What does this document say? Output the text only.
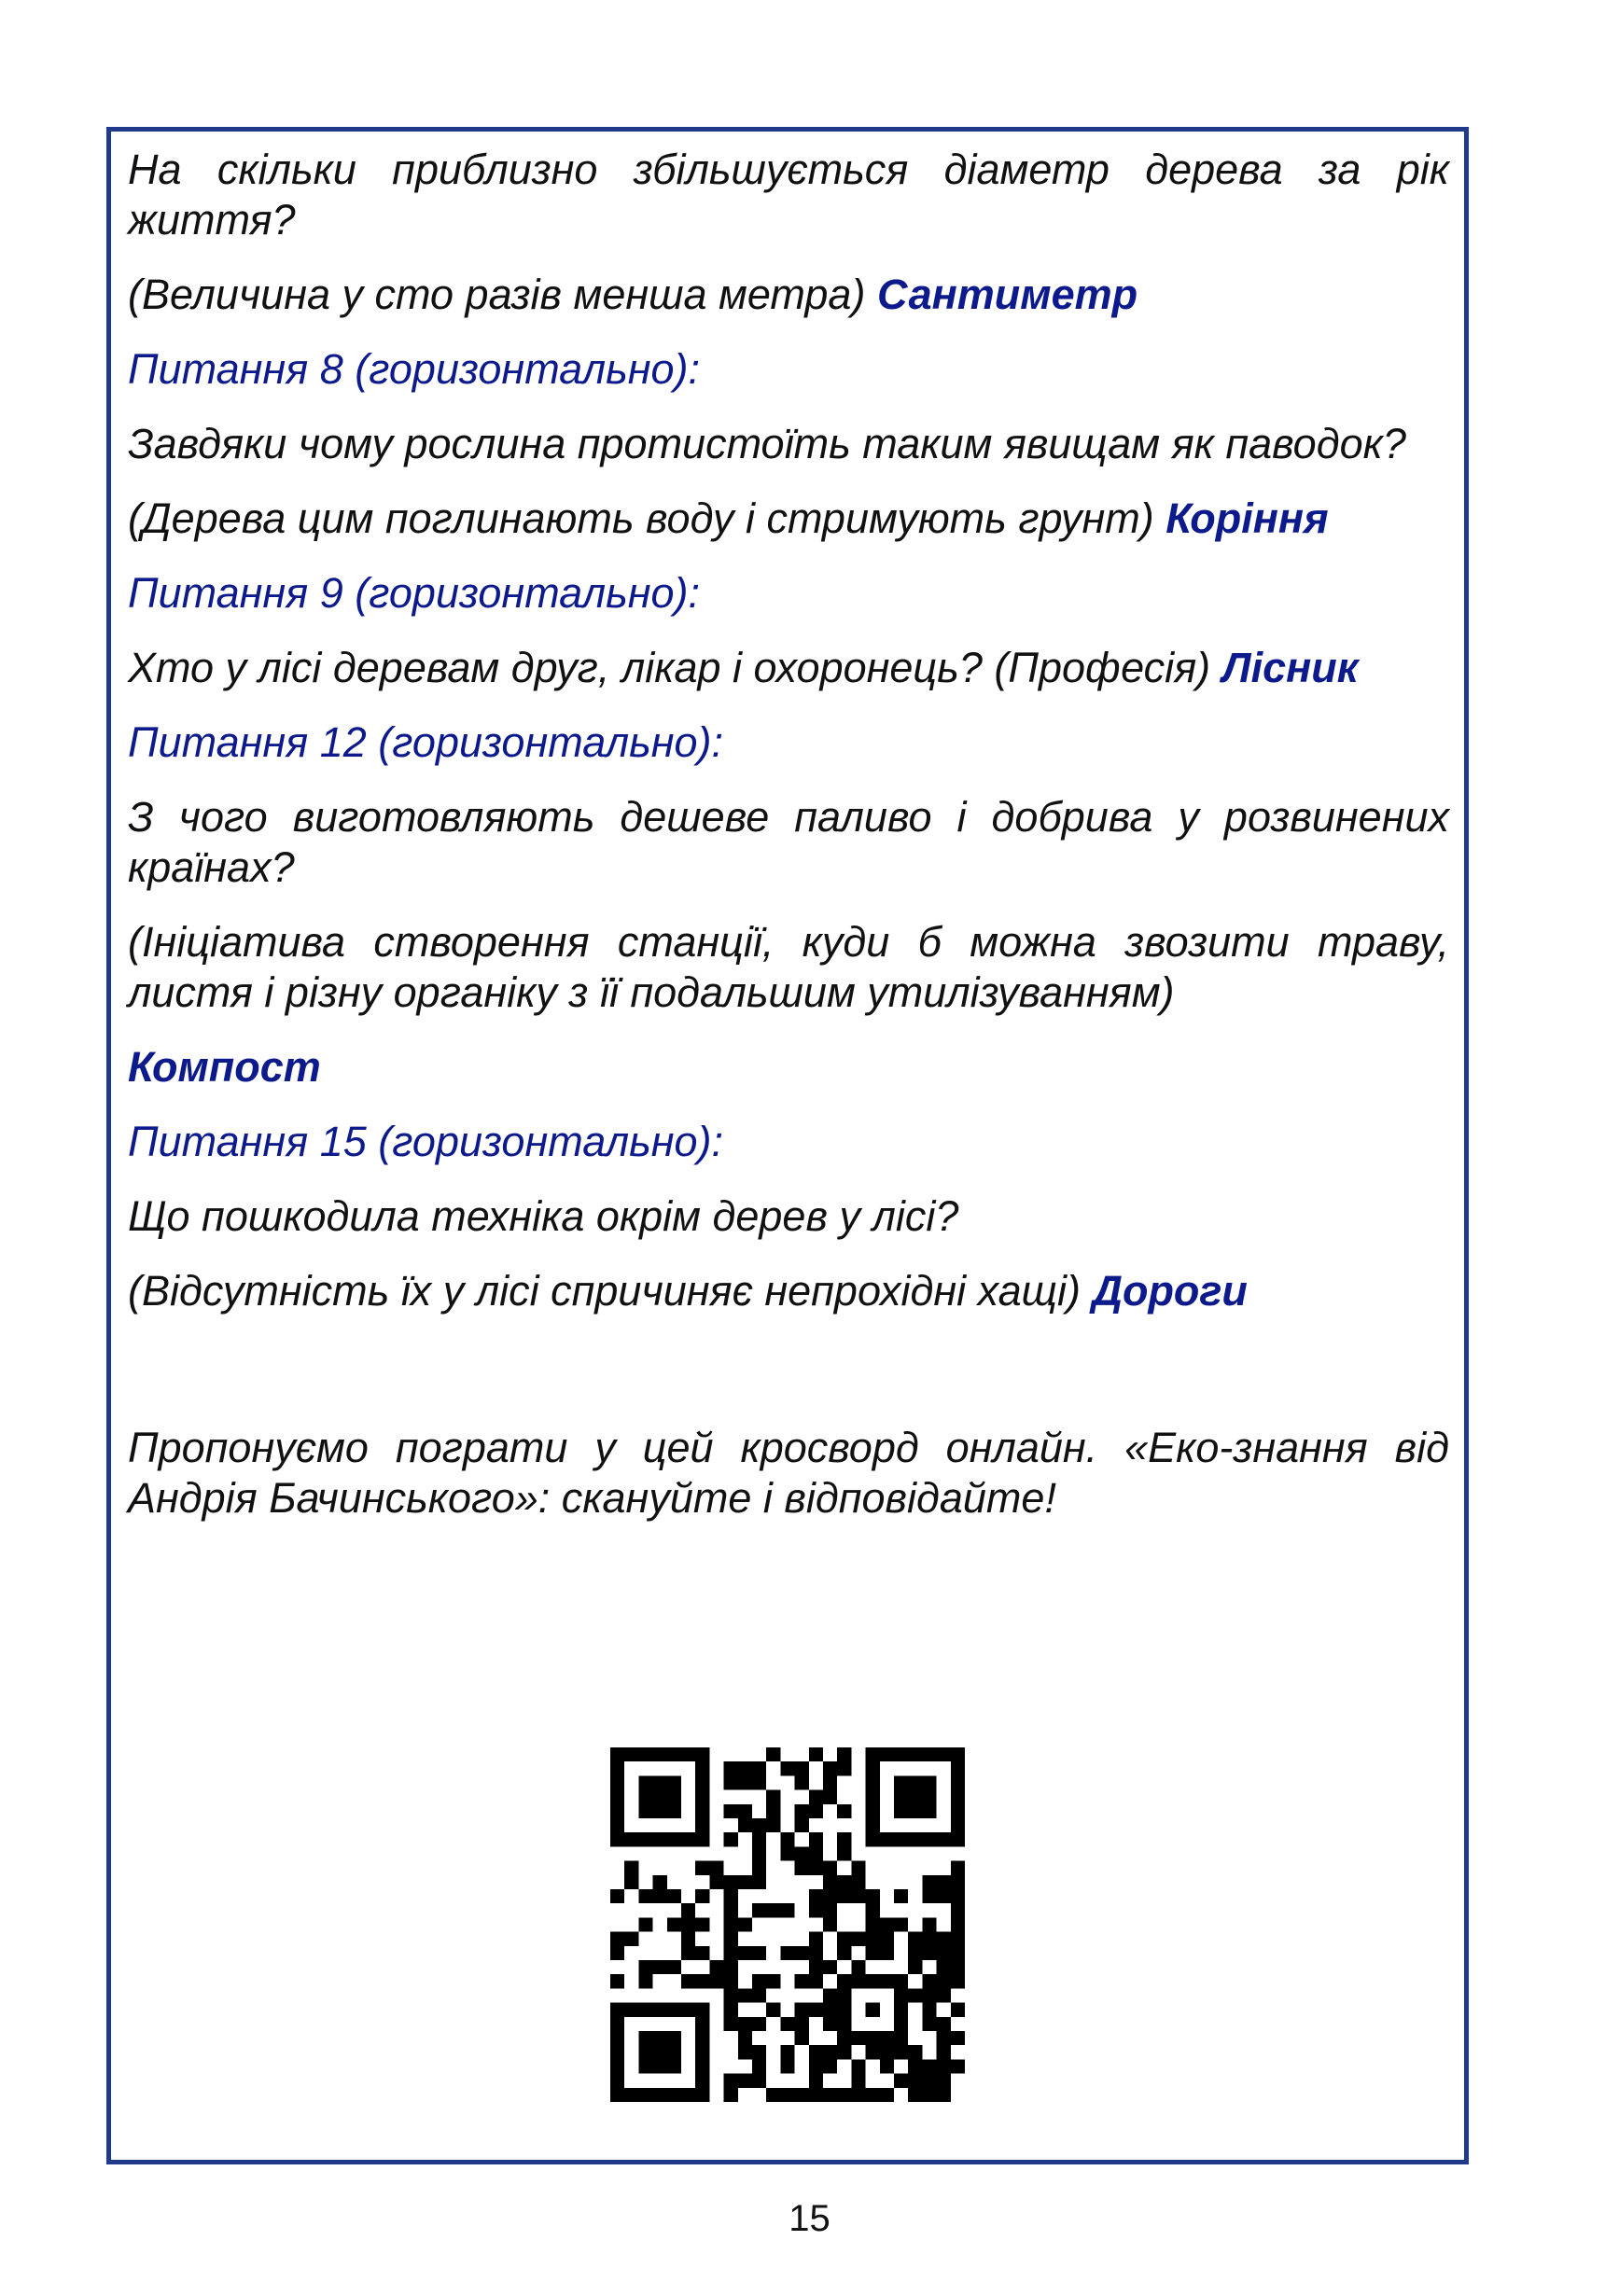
На скільки приблизно збільшується діаметр дерева за рік життя?

(Величина у сто разів менша метра) Сантиметр

Питання 8 (горизонтально):

Завдяки чому рослина протистоїть таким явищам як паводок?

(Дерева цим поглинають воду і стримують грунт) Коріння

Питання 9 (горизонтально):

Хто у лісі деревам друг, лікар і охоронець? (Професія) Лісник

Питання 12 (горизонтально):

З чого виготовляють дешеве паливо і добрива у розвинених країнах?

(Ініціатива створення станції, куди б можна звозити траву, листя і різну органіку з її подальшим утилізуванням)

Компост

Питання 15 (горизонтально):

Що пошкодила техніка окрім дерев у лісі?

(Відсутність їх у лісі спричиняє непрохідні хащі) Дороги

Пропонуємо пограти у цей кросворд онлайн. «Еко-знання від Андрія Бачинського»: скануйте і відповідайте!

15
